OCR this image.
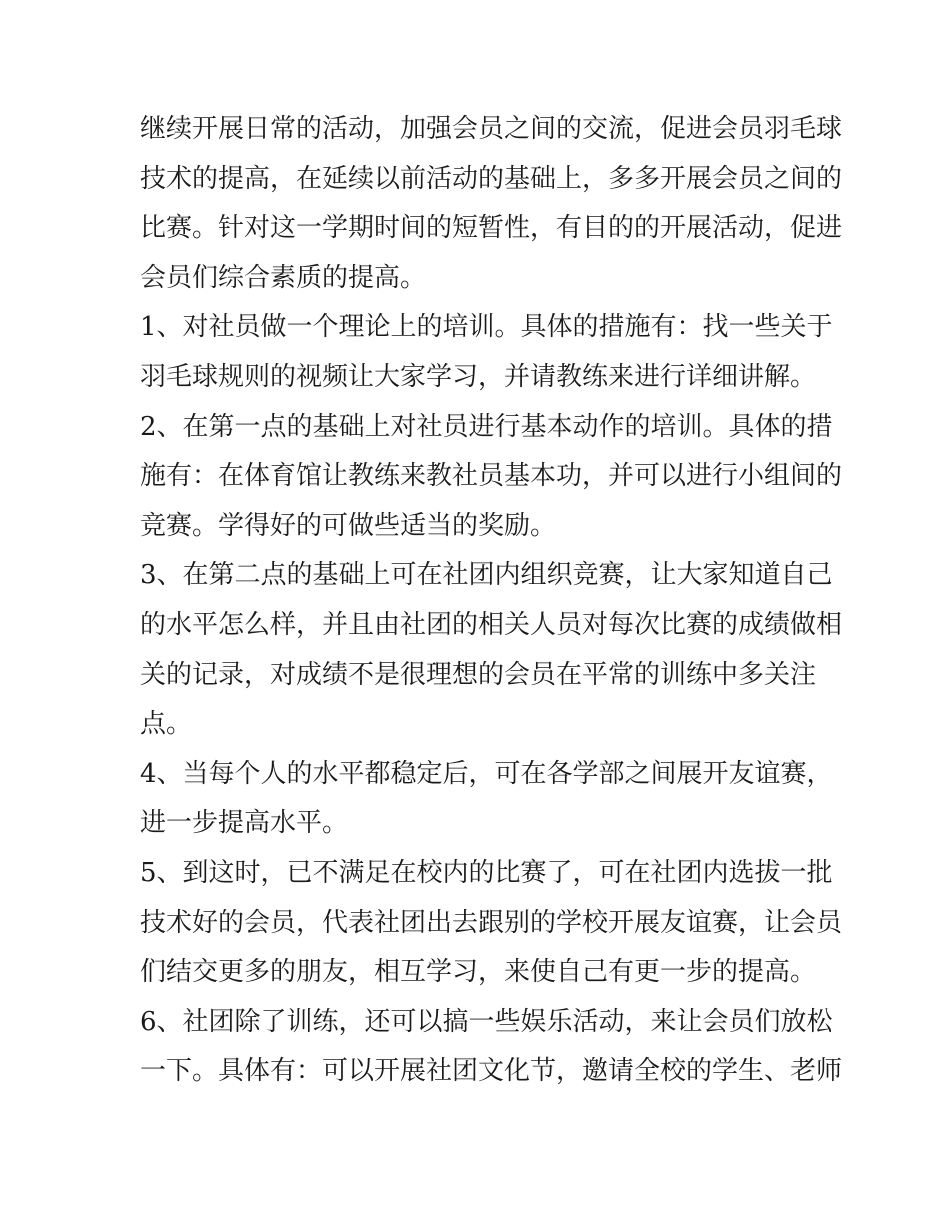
继续开展日常的活动，加强会员之间的交流，促进会员羽毛球
技术的提高，在延续以前活动的基础上，多多开展会员之间的
比赛。针对这一学期时间的短暂性，有目的的开展活动，促进
会员们综合素质的提高。
1、对社员做一个理论上的培训。具体的措施有：找一些关于
羽毛球规则的视频让大家学习，并请教练来进行详细讲解。
2、在第一点的基础上对社员进行基本动作的培训。具体的措
施有：在体育馆让教练来教社员基本功，并可以进行小组间的
竞赛。学得好的可做些适当的奖励。
3、在第二点的基础上可在社团内组织竞赛，让大家知道自己
的水平怎么样，并且由社团的相关人员对每次比赛的成绩做相
关的记录，对成绩不是很理想的会员在平常的训练中多关注
点。
4、当每个人的水平都稳定后，可在各学部之间展开友谊赛，
进一步提高水平。
5、到这时，已不满足在校内的比赛了，可在社团内选拔一批
技术好的会员，代表社团出去跟别的学校开展友谊赛，让会员
们结交更多的朋友，相互学习，来使自己有更一步的提高。
6、社团除了训练，还可以搞一些娱乐活动，来让会员们放松
一下。具体有：可以开展社团文化节，邀请全校的学生、老师
